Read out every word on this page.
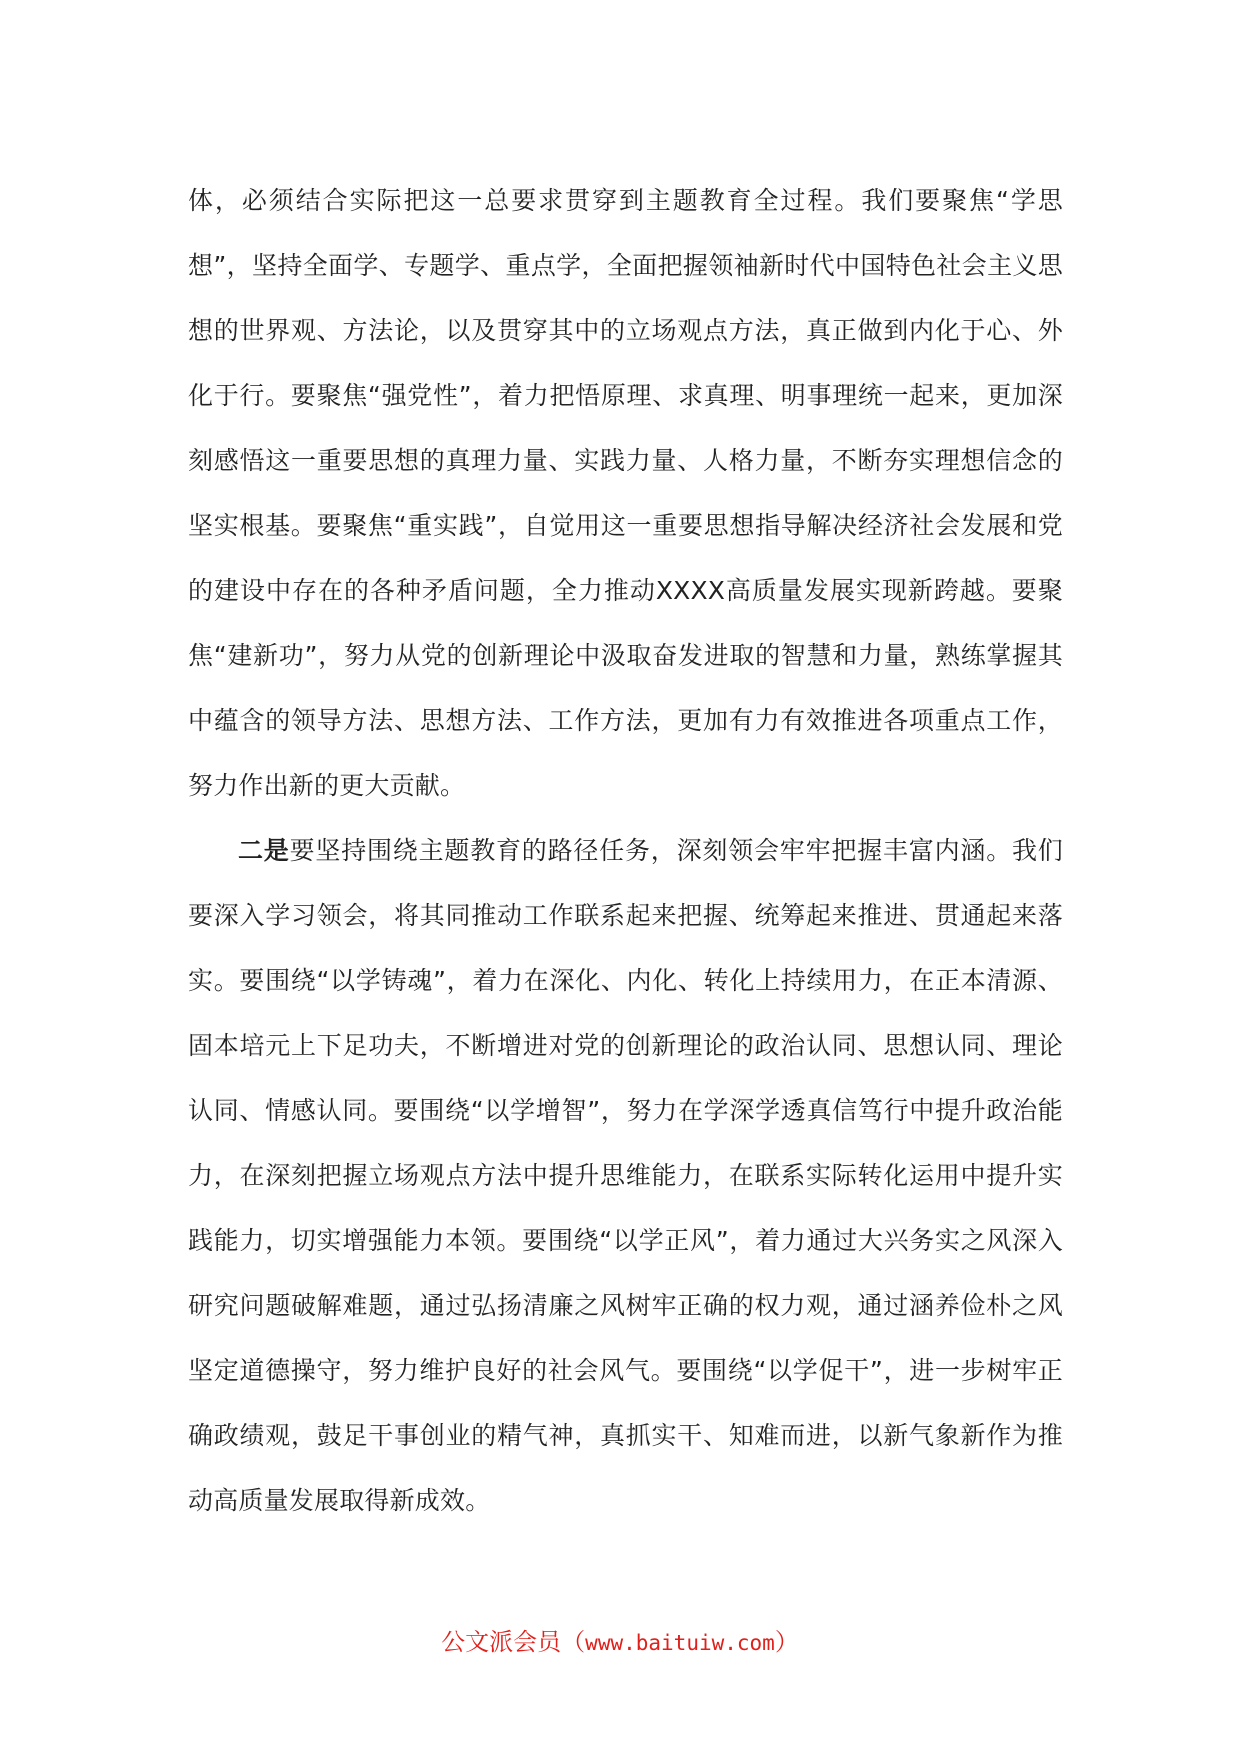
体，必须结合实际把这一总要求贯穿到主题教育全过程。我们要聚焦“学思想”，坚持全面学、专题学、重点学，全面把握领袖新时代中国特色社会主义思想的世界观、方法论，以及贯穿其中的立场观点方法，真正做到内化于心、外化于行。要聚焦“强党性”，着力把悟原理、求真理、明事理统一起来，更加深刻感悟这一重要思想的真理力量、实践力量、人格力量，不断夯实理想信念的坚实根基。要聚焦“重实践”，自觉用这一重要思想指导解决经济社会发展和党的建设中存在的各种矛盾问题，全力推动XXXX高质量发展实现新跨越。要聚焦“建新功”，努力从党的创新理论中汲取奋发进取的智慧和力量，熟练掌握其中蕴含的领导方法、思想方法、工作方法，更加有力有效推进各项重点工作，努力作出新的更大贡献。

二是要坚持围绕主题教育的路径任务，深刻领会牢牢把握丰富内涵。我们要深入学习领会，将其同推动工作联系起来把握、统筹起来推进、贯通起来落实。要围绕“以学铸魂”，着力在深化、内化、转化上持续用力，在正本清源、固本培元上下足功夫，不断增进对党的创新理论的政治认同、思想认同、理论认同、情感认同。要围绕“以学增智”，努力在学深学透真信笃行中提升政治能力，在深刻把握立场观点方法中提升思维能力，在联系实际转化运用中提升实践能力，切实增强能力本领。要围绕“以学正风”，着力通过大兴务实之风深入研究问题破解难题，通过弘扬清廉之风树牢正确的权力观，通过涵养俭朴之风坚定道德操守，努力维护良好的社会风气。要围绕“以学促干”，进一步树牢正确政绩观，鼓足干事创业的精气神，真抓实干、知难而进，以新气象新作为推动高质量发展取得新成效。

公文派会员（www.baituiw.com）
